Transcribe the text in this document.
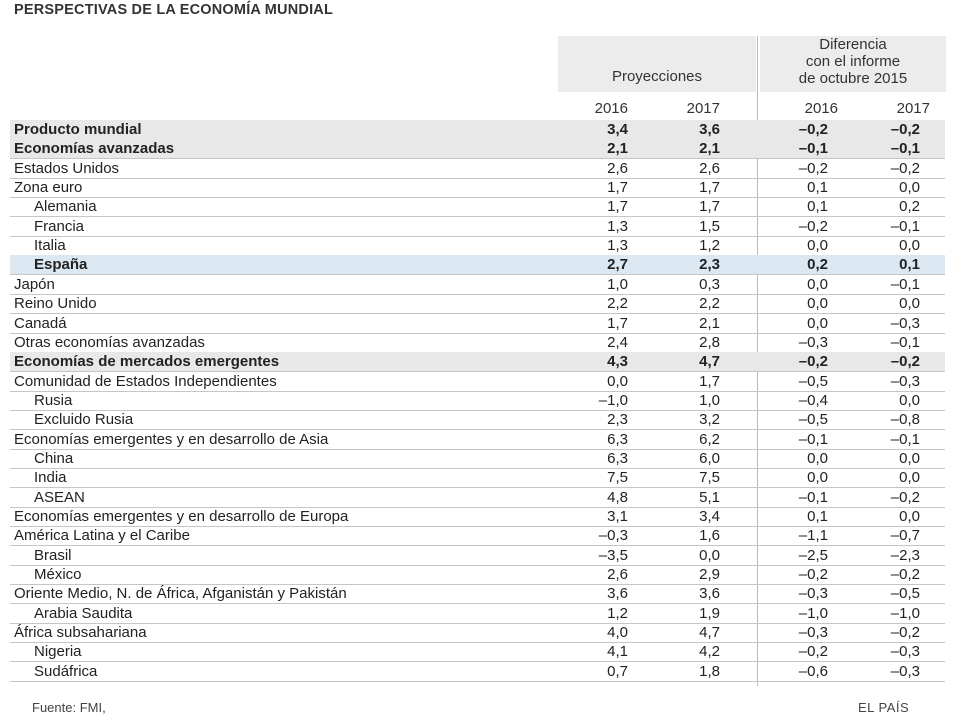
PERSPECTIVAS DE LA ECONOMÍA MUNDIAL
Proyecciones
Diferencia
con el informe
de octubre 2015
2016	2017	2016	2017
Producto mundial	3,4	3,6	–0,2	–0,2
Economías avanzadas	2,1	2,1	–0,1	–0,1
Estados Unidos	2,6	2,6	–0,2	–0,2
Zona euro	1,7	1,7	0,1	0,0
Alemania	1,7	1,7	0,1	0,2
Francia	1,3	1,5	–0,2	–0,1
Italia	1,3	1,2	0,0	0,0
España	2,7	2,3	0,2	0,1
Japón	1,0	0,3	0,0	–0,1
Reino Unido	2,2	2,2	0,0	0,0
Canadá	1,7	2,1	0,0	–0,3
Otras economías avanzadas	2,4	2,8	–0,3	–0,1
Economías de mercados emergentes	4,3	4,7	–0,2	–0,2
Comunidad de Estados Independientes	0,0	1,7	–0,5	–0,3
Rusia	–1,0	1,0	–0,4	0,0
Excluido Rusia	2,3	3,2	–0,5	–0,8
Economías emergentes y en desarrollo de Asia	6,3	6,2	–0,1	–0,1
China	6,3	6,0	0,0	0,0
India	7,5	7,5	0,0	0,0
ASEAN	4,8	5,1	–0,1	–0,2
Economías emergentes y en desarrollo de Europa	3,1	3,4	0,1	0,0
América Latina y el Caribe	–0,3	1,6	–1,1	–0,7
Brasil	–3,5	0,0	–2,5	–2,3
México	2,6	2,9	–0,2	–0,2
Oriente Medio, N. de África, Afganistán y Pakistán	3,6	3,6	–0,3	–0,5
Arabia Saudita	1,2	1,9	–1,0	–1,0
África subsahariana	4,0	4,7	–0,3	–0,2
Nigeria	4,1	4,2	–0,2	–0,3
Sudáfrica	0,7	1,8	–0,6	–0,3
Fuente: FMI,	EL PAÍS
